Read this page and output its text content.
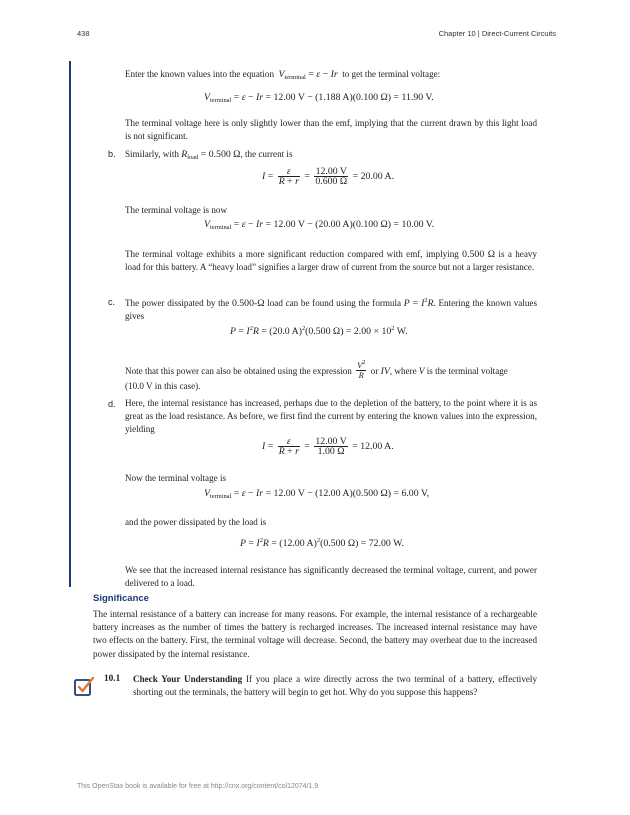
438	Chapter 10 | Direct-Current Circuits
Enter the known values into the equation $V_{terminal} = \varepsilon - Ir$ to get the terminal voltage:
$V_{terminal} = \varepsilon - Ir = 12.00$ V − (1.188 A)(0.100 Ω) = 11.90 V.

The terminal voltage here is only slightly lower than the emf, implying that the current drawn by this light load is not significant.

b. Similarly, with $R_{load} = 0.500$ Ω, the current is
$I = \frac{\varepsilon}{R + r} = \frac{12.00 V}{0.600 \Omega} = 20.00$ A.
The terminal voltage is now
$V_{terminal} = \varepsilon - Ir = 12.00$ V − (20.00 A)(0.100 Ω) = 10.00 V.

The terminal voltage exhibits a more significant reduction compared with emf, implying 0.500 Ω is a heavy load for this battery. A “heavy load” signifies a larger draw of current from the source but not a larger resistance.

c. The power dissipated by the 0.500-Ω load can be found using the formula $P = I^2R$. Entering the known values gives

$P = I^2R = (20.0$ A)$^2$(0.500 $\Omega) = 2.00 \times 10^2$ W.
Note that this power can also be obtained using the expression $\frac{V^2}{R}$ or IV, where V is the terminal voltage
(10.0 V in this case).
d. Here, the internal resistance has increased, perhaps due to the depletion of the battery, to the point where it is as great as the load resistance. As before, we first find the current by entering the known values into the expression, yielding

$I = \frac{\varepsilon}{R + r} = \frac{12.00 V}{1.00 \Omega} = 12.00$ A.
Now the terminal voltage is
$V_{terminal} = \varepsilon - Ir = 12.00$ V − (12.00 A)(0.500 Ω) = 6.00 V,
and the power dissipated by the load is
$P = I^2R = (12.00$ A)$^2$(0.500 Ω) = 72.00 W.

We see that the increased internal resistance has significantly decreased the terminal voltage, current, and power delivered to a load.

Significance

The internal resistance of a battery can increase for many reasons. For example, the internal resistance of a rechargeable battery increases as the number of times the battery is recharged increases. The increased internal resistance may have two effects on the battery. First, the terminal voltage will decrease. Second, the battery may overheat due to the increased power dissipated by the internal resistance.

10.1 Check Your Understanding If you place a wire directly across the two terminal of a battery, effectively shorting out the terminals, the battery will begin to get hot. Why do you suppose this happens?

This OpenStax book is available for free at http://cnx.org/content/col12074/1.9
